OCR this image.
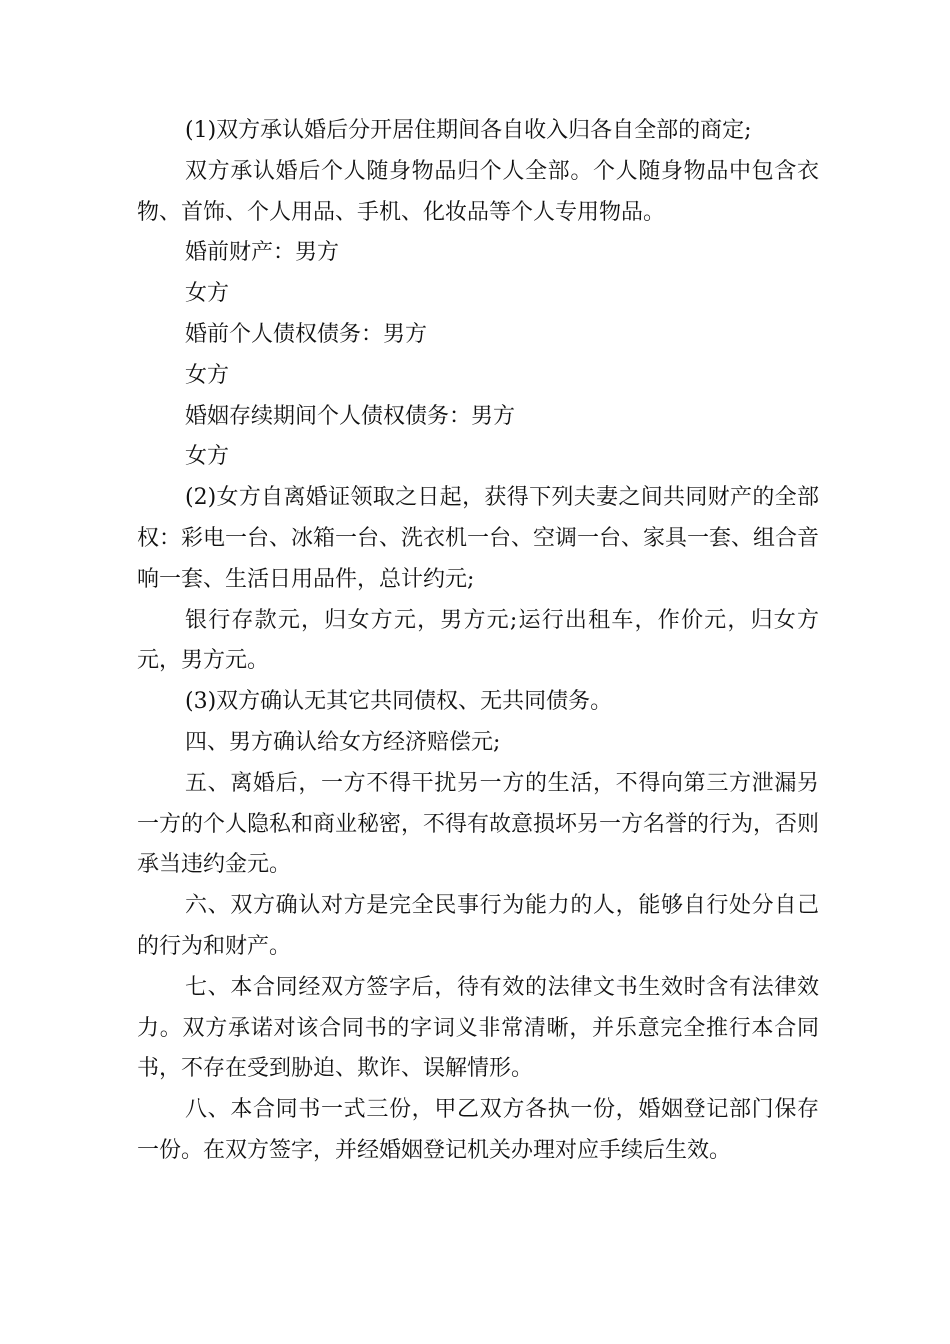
(1)双方承认婚后分开居住期间各自收入归各自全部的商定;

双方承认婚后个人随身物品归个人全部。个人随身物品中包含衣物、首饰、个人用品、手机、化妆品等个人专用物品。

婚前财产：男方

女方

婚前个人债权债务：男方

女方

婚姻存续期间个人债权债务：男方

女方

(2)女方自离婚证领取之日起，获得下列夫妻之间共同财产的全部权：彩电一台、冰箱一台、洗衣机一台、空调一台、家具一套、组合音响一套、生活日用品件，总计约元;

银行存款元，归女方元，男方元;运行出租车，作价元，归女方元，男方元。

(3)双方确认无其它共同债权、无共同债务。

四、男方确认给女方经济赔偿元;

五、离婚后，一方不得干扰另一方的生活，不得向第三方泄漏另一方的个人隐私和商业秘密，不得有故意损坏另一方名誉的行为，否则承当违约金元。

六、双方确认对方是完全民事行为能力的人，能够自行处分自己的行为和财产。

七、本合同经双方签字后，待有效的法律文书生效时含有法律效力。双方承诺对该合同书的字词义非常清晰，并乐意完全推行本合同书，不存在受到胁迫、欺诈、误解情形。

八、本合同书一式三份，甲乙双方各执一份，婚姻登记部门保存一份。在双方签字，并经婚姻登记机关办理对应手续后生效。
